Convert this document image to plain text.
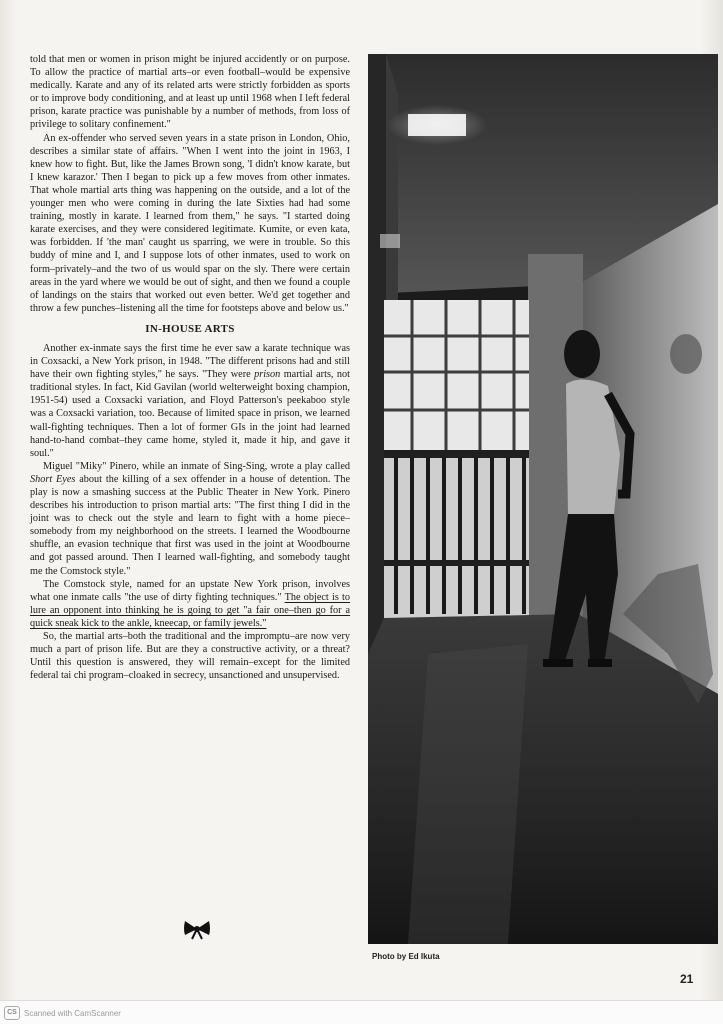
told that men or women in prison might be injured accidently or on purpose. To allow the practice of martial arts–or even football–would be expensive medically. Karate and any of its related arts were strictly forbidden as sports or to improve body conditioning, and at least up until 1968 when I left federal prison, karate practice was punishable by a number of methods, from loss of privilege to solitary confinement."

An ex-offender who served seven years in a state prison in London, Ohio, describes a similar state of affairs. "When I went into the joint in 1963, I knew how to fight. But, like the James Brown song, 'I didn't know karate, but I knew karazor.' Then I began to pick up a few moves from other inmates. That whole martial arts thing was happening on the outside, and a lot of the younger men who were coming in during the late Sixties had had some training, mostly in karate. I learned from them," he says. "I started doing karate exercises, and they were considered legitimate. Kumite, or even kata, was forbidden. If 'the man' caught us sparring, we were in trouble. So this buddy of mine and I, and I suppose lots of other inmates, used to work on form–privately–and the two of us would spar on the sly. There were certain areas in the yard where we would be out of sight, and then we found a couple of landings on the stairs that worked out even better. We'd get together and throw a few punches–listening all the time for footsteps above and below us."

IN-HOUSE ARTS

Another ex-inmate says the first time he ever saw a karate technique was in Coxsacki, a New York prison, in 1948. "The different prisons had and still have their own fighting styles," he says. "They were prison martial arts, not traditional styles. In fact, Kid Gavilan (world welterweight boxing champion, 1951-54) used a Coxsacki variation, and Floyd Patterson's peekaboo style was a Coxsacki variation, too. Because of limited space in prison, we learned wall-fighting techniques. Then a lot of former GIs in the joint had learned hand-to-hand combat–they came home, styled it, made it hip, and gave it soul."

Miguel "Miky" Pinero, while an inmate of Sing-Sing, wrote a play called Short Eyes about the killing of a sex offender in a house of detention. The play is now a smashing success at the Public Theater in New York. Pinero describes his introduction to prison martial arts: "The first thing I did in the joint was to check out the style and learn to fight with a home piece–somebody from my neighborhood on the streets. I learned the Woodbourne shuffle, an evasion technique that first was used in the joint at Woodbourne and got passed around. Then I learned wall-fighting, and somebody taught me the Comstock style."

The Comstock style, named for an upstate New York prison, involves what one inmate calls "the use of dirty fighting techniques." The object is to lure an opponent into thinking he is going to get "a fair one–then go for a quick sneak kick to the ankle, kneecap, or family jewels."

So, the martial arts–both the traditional and the impromptu–are now very much a part of prison life. But are they a constructive activity, or a threat? Until this question is answered, they will remain–except for the limited federal tai chi program–cloaked in secrecy, unsanctioned and unsupervised.

Photo by Ed Ikuta
21
CS Scanned with CamScanner
